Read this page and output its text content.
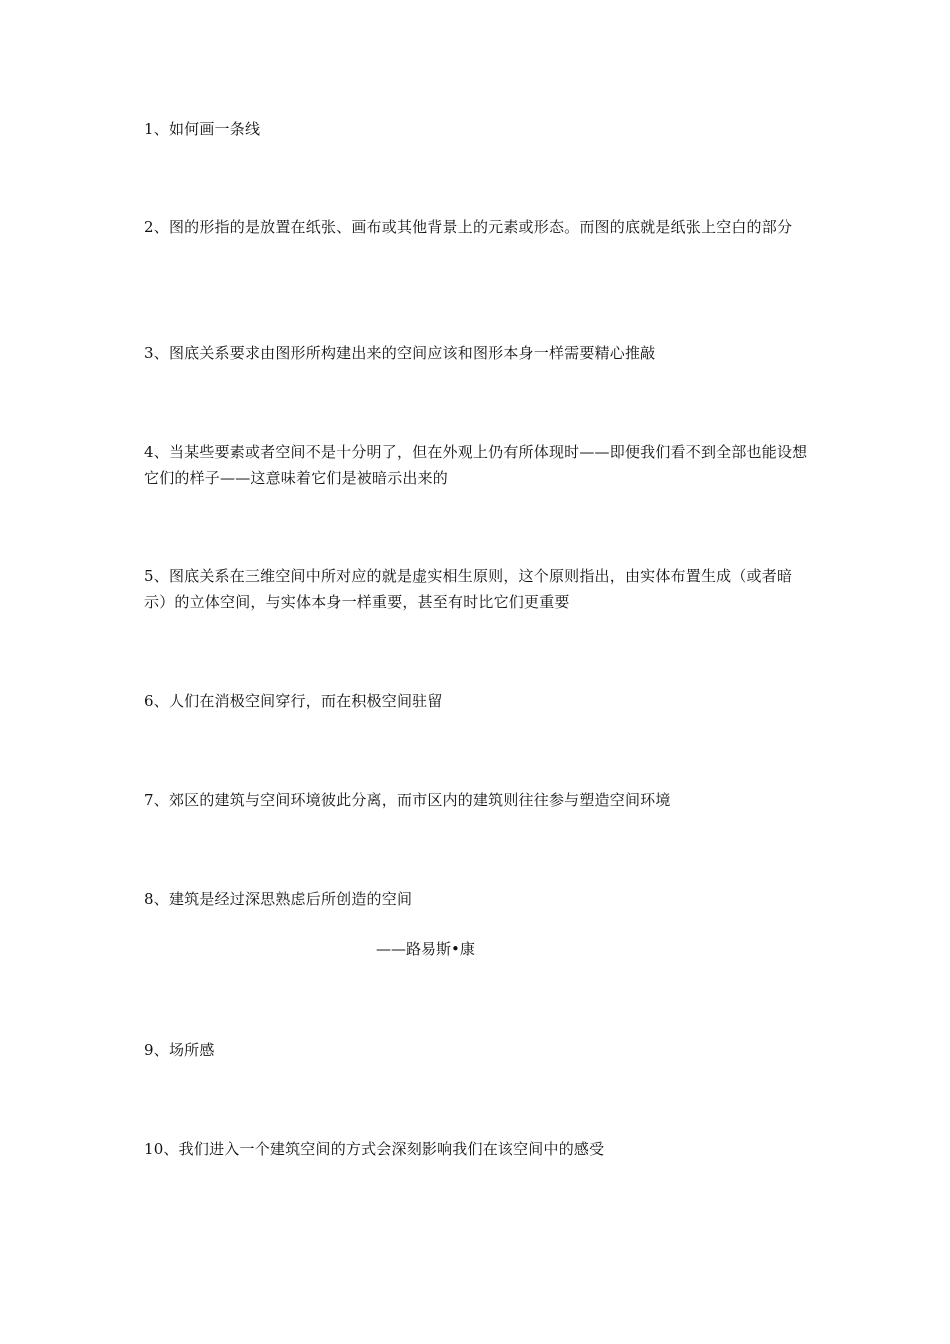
1、如何画一条线

2、图的形指的是放置在纸张、画布或其他背景上的元素或形态。而图的底就是纸张上空白的部分

3、图底关系要求由图形所构建出来的空间应该和图形本身一样需要精心推敲

4、当某些要素或者空间不是十分明了，但在外观上仍有所体现时——即便我们看不到全部也能设想它们的样子——这意味着它们是被暗示出来的

5、图底关系在三维空间中所对应的就是虚实相生原则，这个原则指出，由实体布置生成（或者暗示）的立体空间，与实体本身一样重要，甚至有时比它们更重要

6、人们在消极空间穿行，而在积极空间驻留

7、郊区的建筑与空间环境彼此分离，而市区内的建筑则往往参与塑造空间环境

8、建筑是经过深思熟虑后所创造的空间

——路易斯•康

9、场所感

10、我们进入一个建筑空间的方式会深刻影响我们在该空间中的感受
